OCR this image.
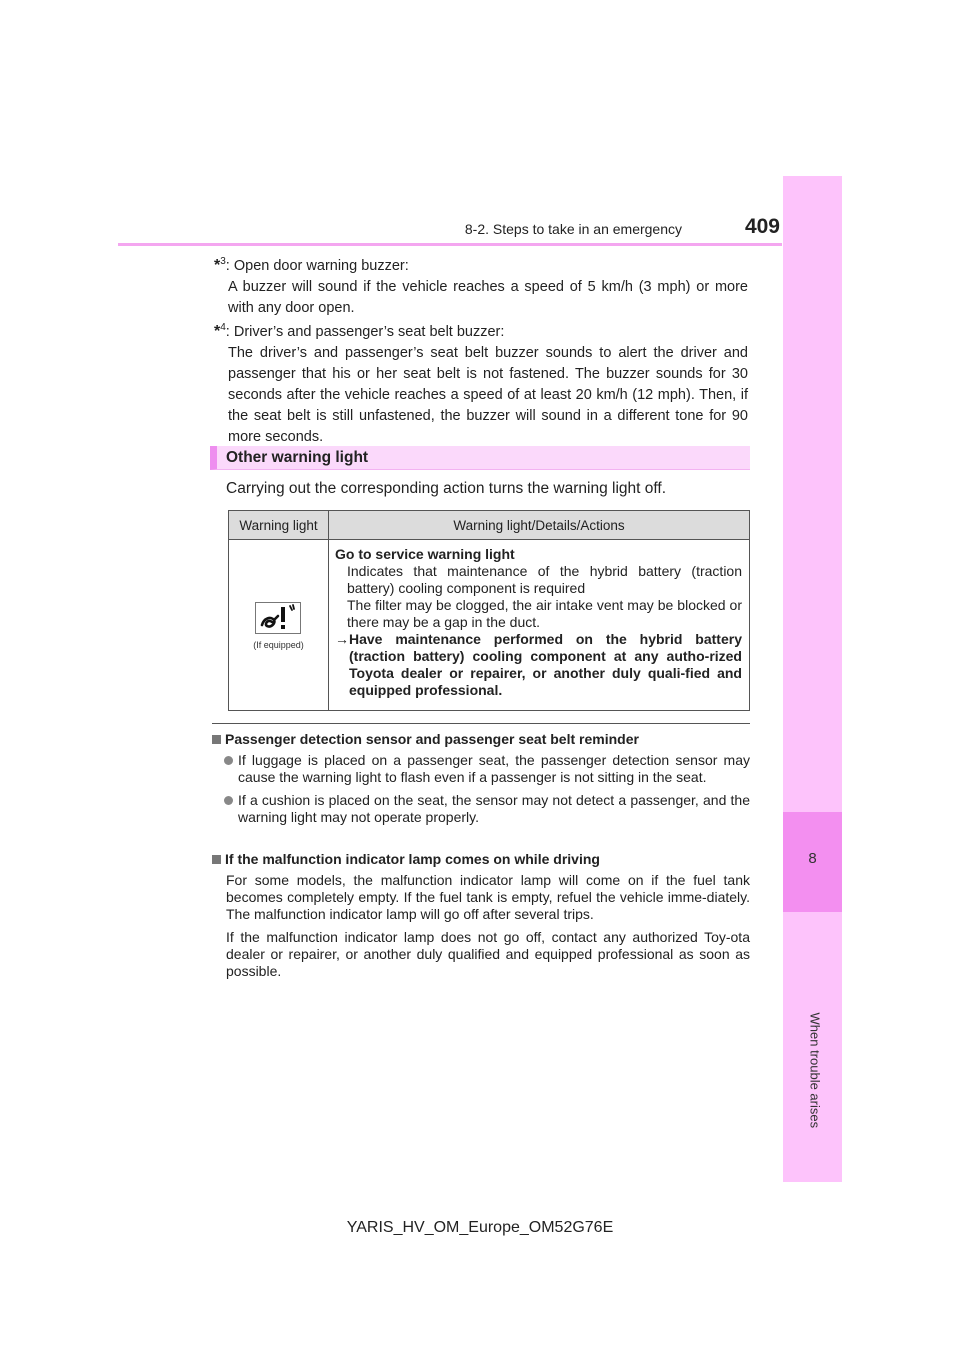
8
When trouble arises
8-2. Steps to take in an emergency	409
*$^3$: Open door warning buzzer:
A buzzer will sound if the vehicle reaches a speed of 5 km/h (3 mph) or more with any door open.
*$^4$: Driver’s and passenger’s seat belt buzzer:
The driver’s and passenger’s seat belt buzzer sounds to alert the driver and passenger that his or her seat belt is not fastened. The buzzer sounds for 30 seconds after the vehicle reaches a speed of at least 20 km/h (12 mph). Then, if the seat belt is still unfastened, the buzzer will sound in a different tone for 90 more seconds.
Other warning light
Carrying out the corresponding action turns the warning light off.
Warning light	Warning light/Details/Actions
(If equipped)
Go to service warning light
Indicates that maintenance of the hybrid battery (traction battery) cooling component is required
The filter may be clogged, the air intake vent may be blocked or there may be a gap in the duct.
→ Have maintenance performed on the hybrid battery (traction battery) cooling component at any autho-rized Toyota dealer or repairer, or another duly quali-fied and equipped professional.
Passenger detection sensor and passenger seat belt reminder
If luggage is placed on a passenger seat, the passenger detection sensor may cause the warning light to flash even if a passenger is not sitting in the seat.
If a cushion is placed on the seat, the sensor may not detect a passenger, and the warning light may not operate properly.
If the malfunction indicator lamp comes on while driving
For some models, the malfunction indicator lamp will come on if the fuel tank becomes completely empty. If the fuel tank is empty, refuel the vehicle imme-diately. The malfunction indicator lamp will go off after several trips.
If the malfunction indicator lamp does not go off, contact any authorized Toy-ota dealer or repairer, or another duly qualified and equipped professional as soon as possible.
YARIS_HV_OM_Europe_OM52G76E
